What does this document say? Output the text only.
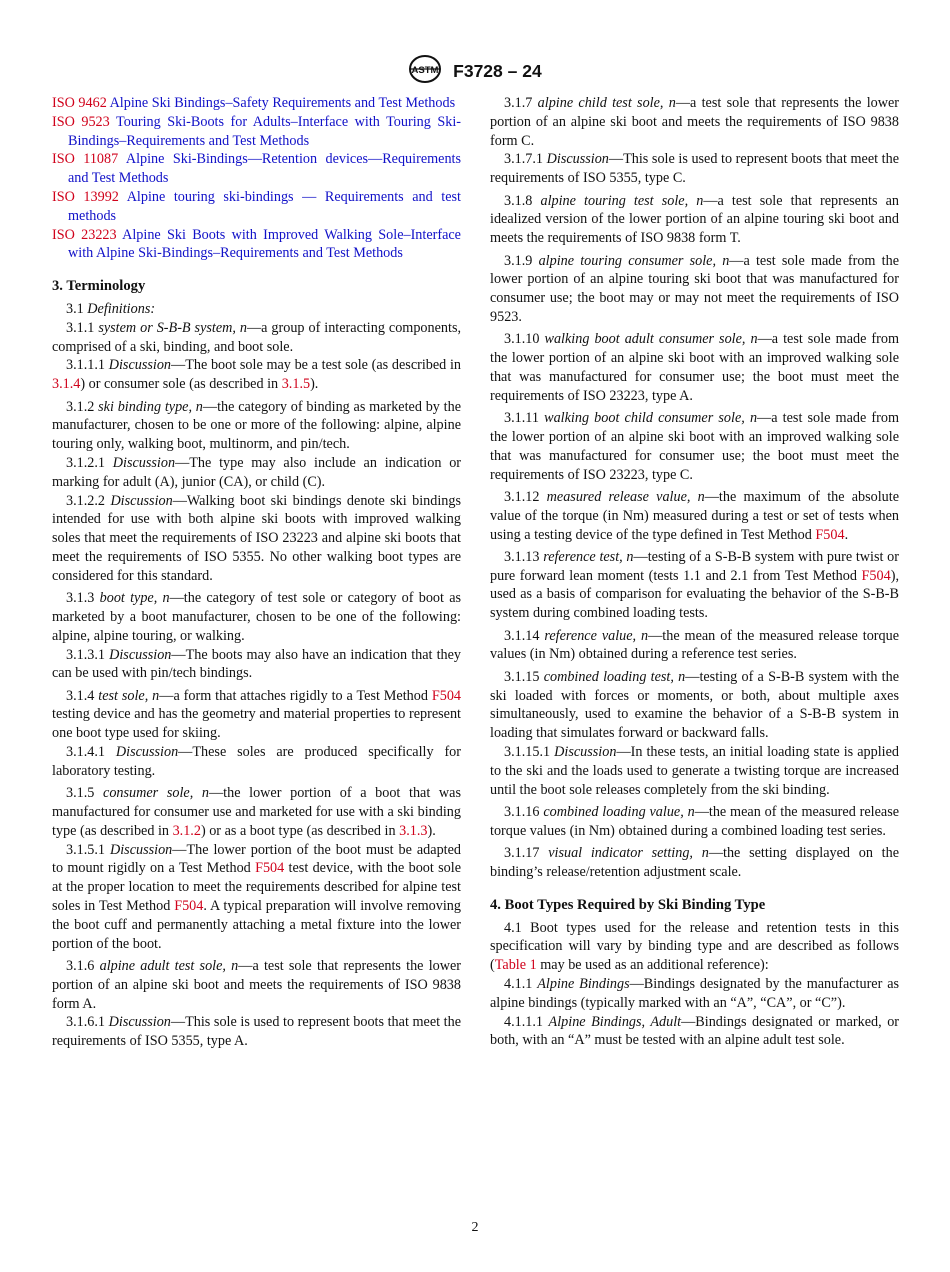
ASTM F3728 – 24
ISO 9462 Alpine Ski Bindings–Safety Requirements and Test Methods
ISO 9523 Touring Ski-Boots for Adults–Interface with Touring Ski-Bindings–Requirements and Test Methods
ISO 11087 Alpine Ski-Bindings—Retention devices—Requirements and Test Methods
ISO 13992 Alpine touring ski-bindings — Requirements and test methods
ISO 23223 Alpine Ski Boots with Improved Walking Sole–Interface with Alpine Ski-Bindings–Requirements and Test Methods
3. Terminology

3.1 Definitions:

3.1.1 system or S-B-B system, n—a group of interacting components, comprised of a ski, binding, and boot sole.

3.1.1.1 Discussion—The boot sole may be a test sole (as described in 3.1.4) or consumer sole (as described in 3.1.5).

3.1.2 ski binding type, n—the category of binding as marketed by the manufacturer, chosen to be one or more of the following: alpine, alpine touring only, walking boot, multinorm, and pin/tech.

3.1.2.1 Discussion—The type may also include an indication or marking for adult (A), junior (CA), or child (C).

3.1.2.2 Discussion—Walking boot ski bindings denote ski bindings intended for use with both alpine ski boots with improved walking soles that meet the requirements of ISO 23223 and alpine ski boots that meet the requirements of ISO 5355. No other walking boot types are considered for this standard.

3.1.3 boot type, n—the category of test sole or category of boot as marketed by a boot manufacturer, chosen to be one of the following: alpine, alpine touring, or walking.

3.1.3.1 Discussion—The boots may also have an indication that they can be used with pin/tech bindings.

3.1.4 test sole, n—a form that attaches rigidly to a Test Method F504 testing device and has the geometry and material properties to represent one boot type used for skiing.

3.1.4.1 Discussion—These soles are produced specifically for laboratory testing.

3.1.5 consumer sole, n—the lower portion of a boot that was manufactured for consumer use and marketed for use with a ski binding type (as described in 3.1.2) or as a boot type (as described in 3.1.3).

3.1.5.1 Discussion—The lower portion of the boot must be adapted to mount rigidly on a Test Method F504 test device, with the boot sole at the proper location to meet the requirements described for alpine test soles in Test Method F504. A typical preparation will involve removing the boot cuff and permanently attaching a metal fixture into the lower portion of the boot.

3.1.6 alpine adult test sole, n—a test sole that represents the lower portion of an alpine ski boot and meets the requirements of ISO 9838 form A.

3.1.6.1 Discussion—This sole is used to represent boots that meet the requirements of ISO 5355, type A.

3.1.7 alpine child test sole, n—a test sole that represents the lower portion of an alpine ski boot and meets the requirements of ISO 9838 form C.

3.1.7.1 Discussion—This sole is used to represent boots that meet the requirements of ISO 5355, type C.

3.1.8 alpine touring test sole, n—a test sole that represents an idealized version of the lower portion of an alpine touring ski boot and meets the requirements of ISO 9838 form T.

3.1.9 alpine touring consumer sole, n—a test sole made from the lower portion of an alpine touring ski boot that was manufactured for consumer use; the boot may or may not meet the requirements of ISO 9523.

3.1.10 walking boot adult consumer sole, n—a test sole made from the lower portion of an alpine ski boot with an improved walking sole that was manufactured for consumer use; the boot must meet the requirements of ISO 23223, type A.

3.1.11 walking boot child consumer sole, n—a test sole made from the lower portion of an alpine ski boot with an improved walking sole that was manufactured for consumer use; the boot must meet the requirements of ISO 23223, type C.

3.1.12 measured release value, n—the maximum of the absolute value of the torque (in Nm) measured during a test or set of tests when using a testing device of the type defined in Test Method F504.

3.1.13 reference test, n—testing of a S-B-B system with pure twist or pure forward lean moment (tests 1.1 and 2.1 from Test Method F504), used as a basis of comparison for evaluating the behavior of the S-B-B system during combined loading tests.

3.1.14 reference value, n—the mean of the measured release torque values (in Nm) obtained during a reference test series.

3.1.15 combined loading test, n—testing of a S-B-B system with the ski loaded with forces or moments, or both, about multiple axes simultaneously, used to examine the behavior of a S-B-B system in loading that simulates forward or backward falls.

3.1.15.1 Discussion—In these tests, an initial loading state is applied to the ski and the loads used to generate a twisting torque are increased until the boot sole releases completely from the ski binding.

3.1.16 combined loading value, n—the mean of the measured release torque values (in Nm) obtained during a combined loading test series.

3.1.17 visual indicator setting, n—the setting displayed on the binding’s release/retention adjustment scale.

4. Boot Types Required by Ski Binding Type

4.1 Boot types used for the release and retention tests in this specification will vary by binding type and are described as follows (Table 1 may be used as an additional reference):

4.1.1 Alpine Bindings—Bindings designated by the manufacturer as alpine bindings (typically marked with an “A”, “CA”, or “C”).

4.1.1.1 Alpine Bindings, Adult—Bindings designated or marked, or both, with an “A” must be tested with an alpine adult test sole.

2
